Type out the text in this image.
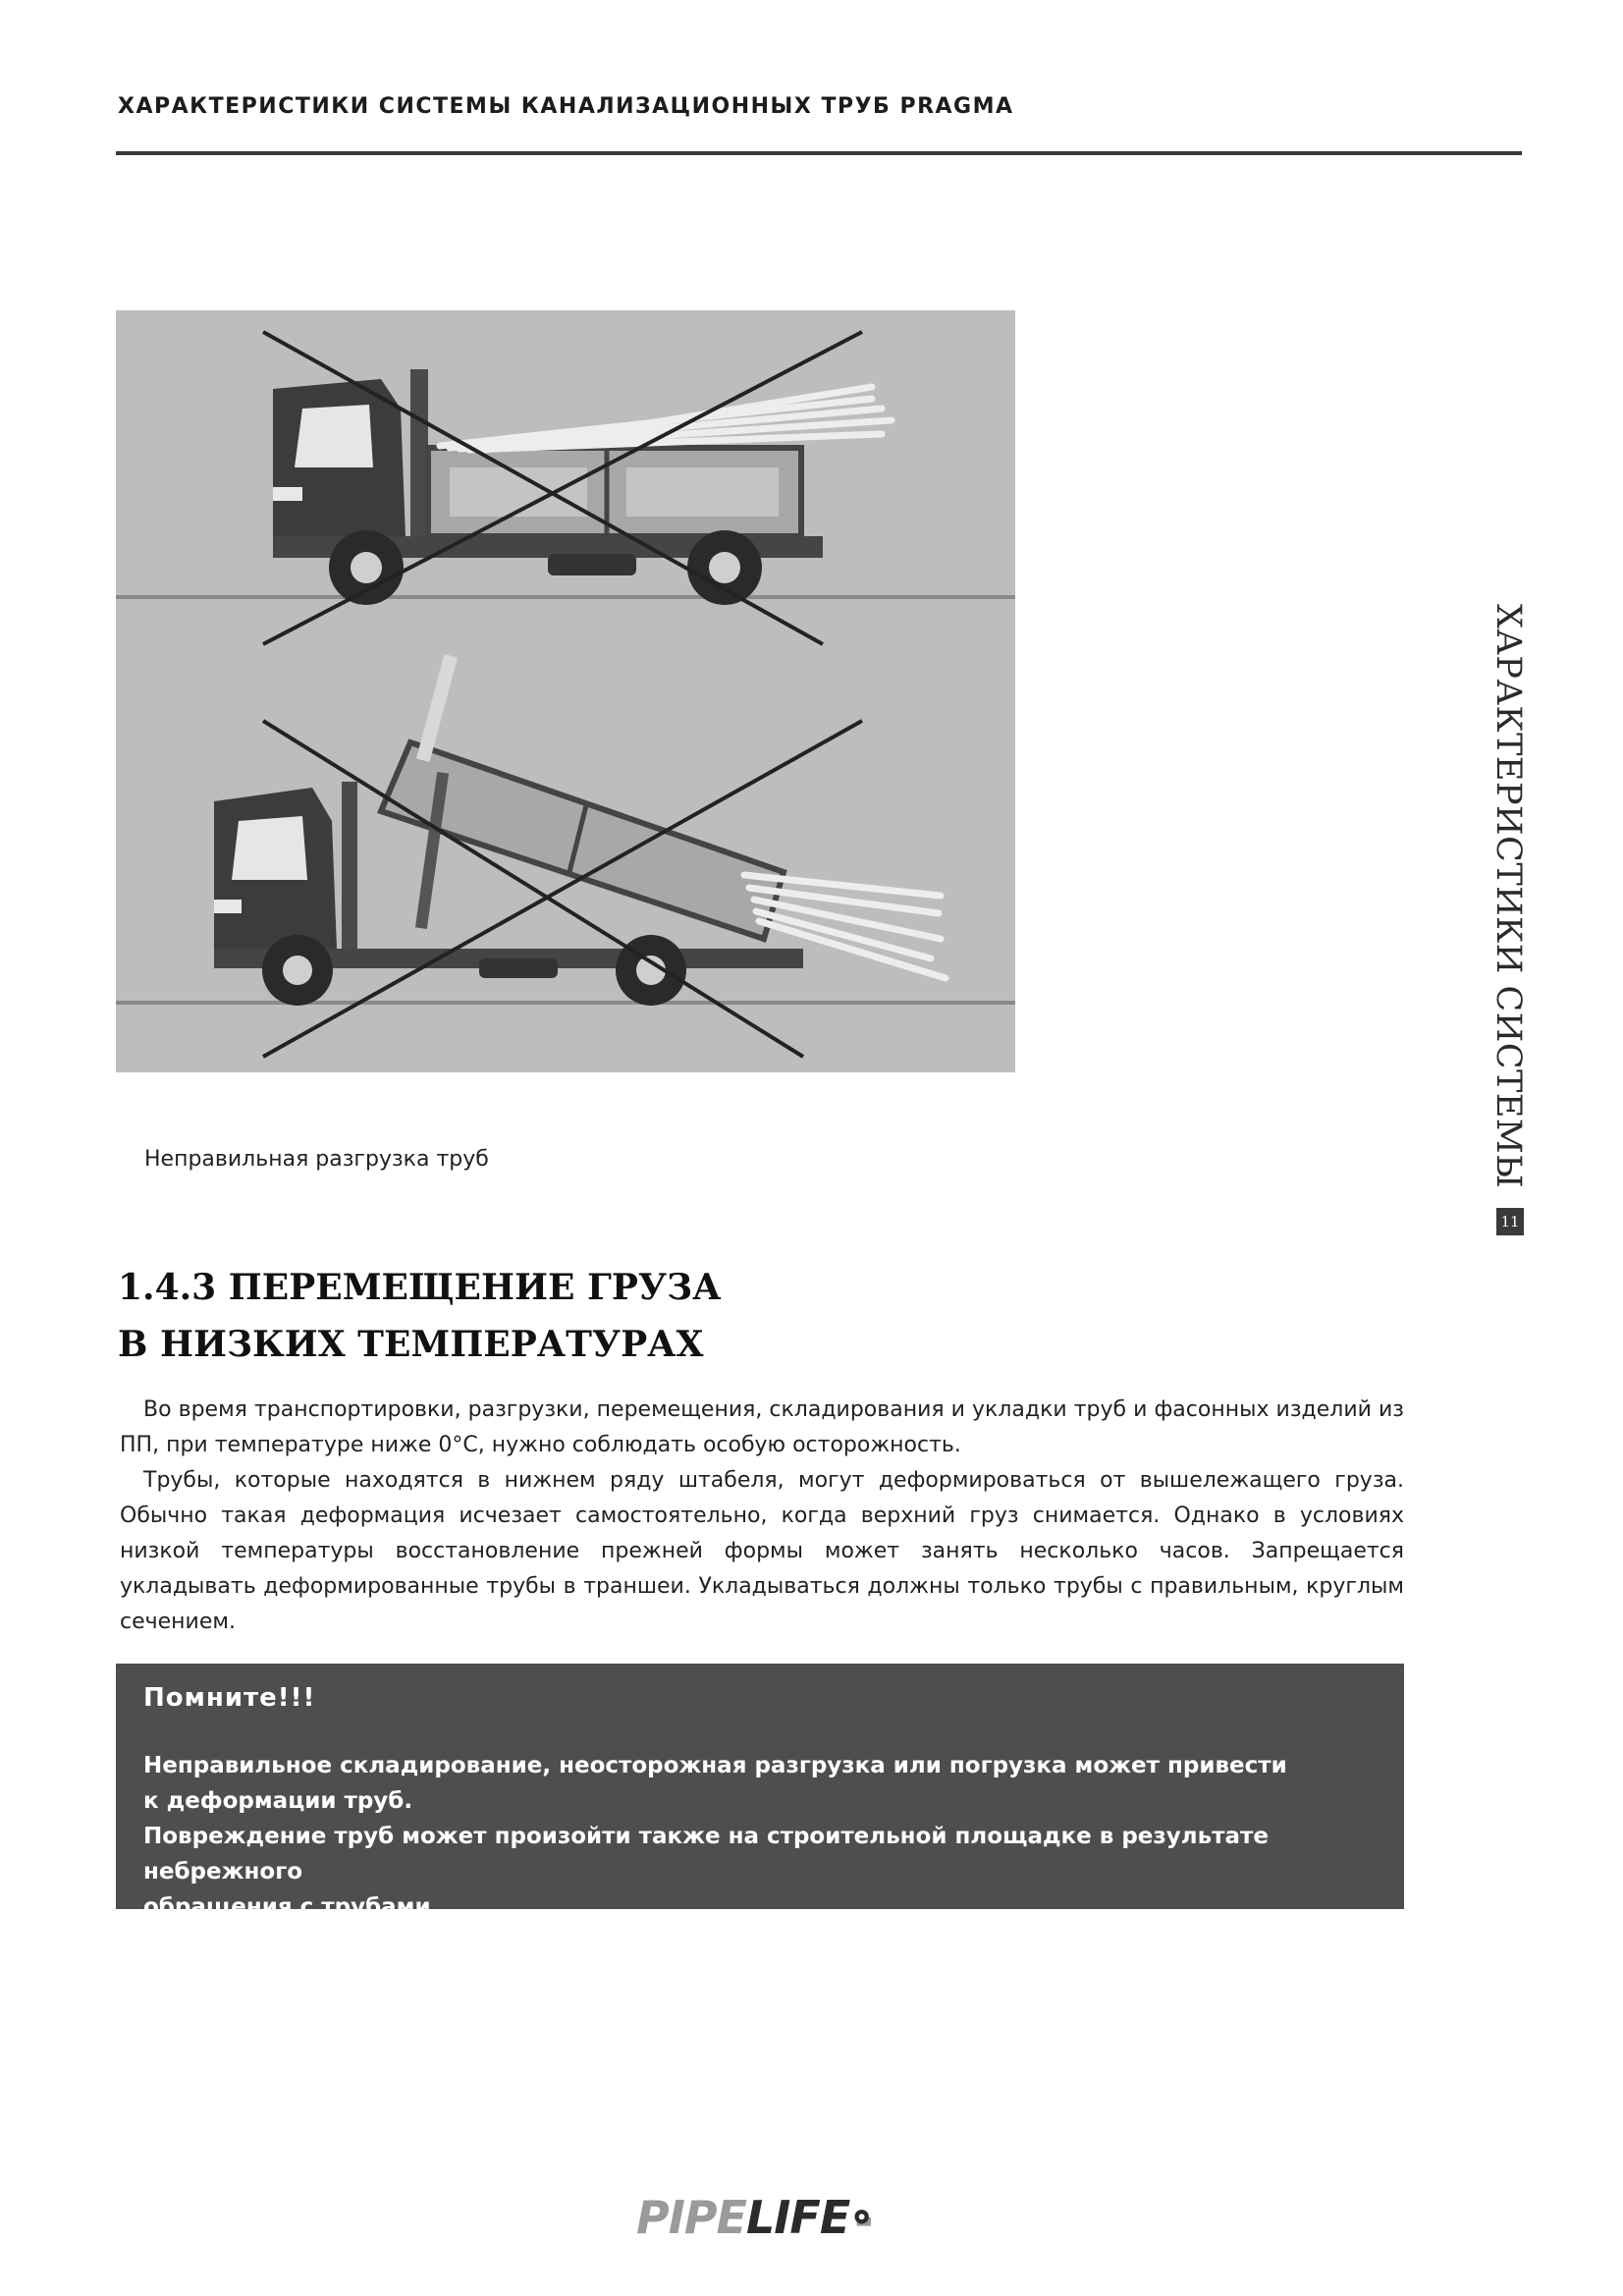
ХАРАКТЕРИСТИКИ СИСТЕМЫ КАНАЛИЗАЦИОННЫХ ТРУБ PRAGMA
Неправильная разгрузка труб	ХАРАКТЕРИСТИКИ СИСТЕМЫ
11
1.4.3 ПЕРЕМЕЩЕНИЕ ГРУЗА
В НИЗКИХ ТЕМПЕРАТУРАХ

Во время транспортировки, разгрузки, перемещения, складирования и укладки труб и фасонных изделий из ПП, при температуре ниже 0°С, нужно соблюдать особую осторожность.

Трубы, которые находятся в нижнем ряду штабеля, могут деформироваться от вышележащего груза. Обычно такая деформация исчезает самостоятельно, когда верхний груз снимается. Однако в условиях низкой температуры восстановление прежней формы может занять несколько часов. Запрещается укладывать деформированные трубы в траншеи. Укладываться должны только трубы с правильным, круглым сечением.

Помните!!!
Неправильное складирование, неосторожная разгрузка или погрузка может привести
к деформации труб.
Повреждение труб может произойти также на строительной площадке в результате небрежного
обращения с трубами.
PIPELIFE
